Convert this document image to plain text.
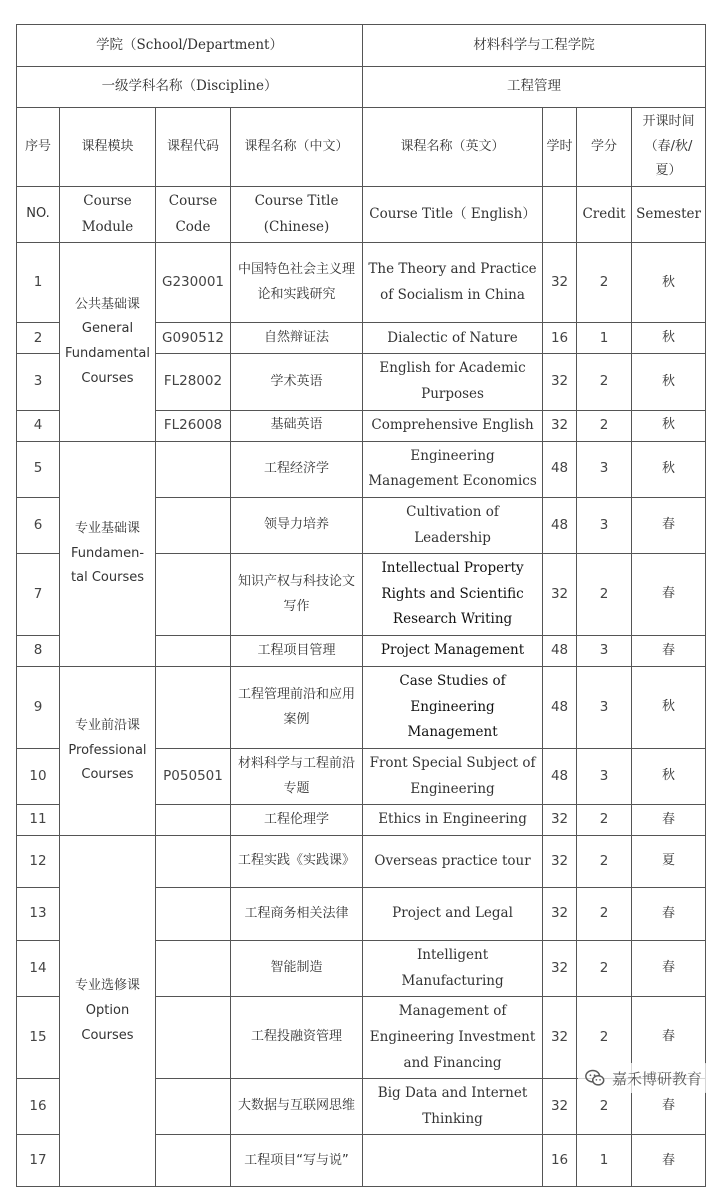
学院（School/Department）				材料科学与工程学院			
一级学科名称（Discipline）				工程管理			
序号	课程模块	课程代码	课程名称（中文）	课程名称（英文）	学时	学分	开课时间（春/秋/夏）
NO.	Course Module	Course Code	Course Title (Chinese)	Course Title（ English）		Credit	Semester
1	公共基础课 General Fundamental Courses	G230001	中国特色社会主义理论和实践研究	The Theory and Practice of Socialism in China	32	2	秋
2		G090512	自然辩证法	Dialectic of Nature	16	1	秋
3		FL28002	学术英语	English for Academic Purposes	32	2	秋
4		FL26008	基础英语	Comprehensive English	32	2	秋
5	专业基础课 Fundamen-tal Courses		工程经济学	Engineering Management Economics	48	3	秋
6			领导力培养	Cultivation of Leadership	48	3	春
7			知识产权与科技论文写作	Intellectual Property Rights and Scientific Research Writing	32	2	春
8			工程项目管理	Project Management	48	3	春
9	专业前沿课 Professional Courses		工程管理前沿和应用案例	Case Studies of Engineering Management	48	3	秋
10		P050501	材料科学与工程前沿专题	Front Special Subject of Engineering	48	3	秋
11			工程伦理学	Ethics in Engineering	32	2	春
12	专业选修课 Option Courses		工程实践《实践课》	Overseas practice tour	32	2	夏
13			工程商务相关法律	Project and Legal	32	2	春
14			智能制造	Intelligent Manufacturing	32	2	春
15			工程投融资管理	Management of Engineering Investment and Financing	32	2	春
16			大数据与互联网思维	Big Data and Internet Thinking	32	2	春
17			工程项目“写与说”		16	1	春
嘉禾博研教育
